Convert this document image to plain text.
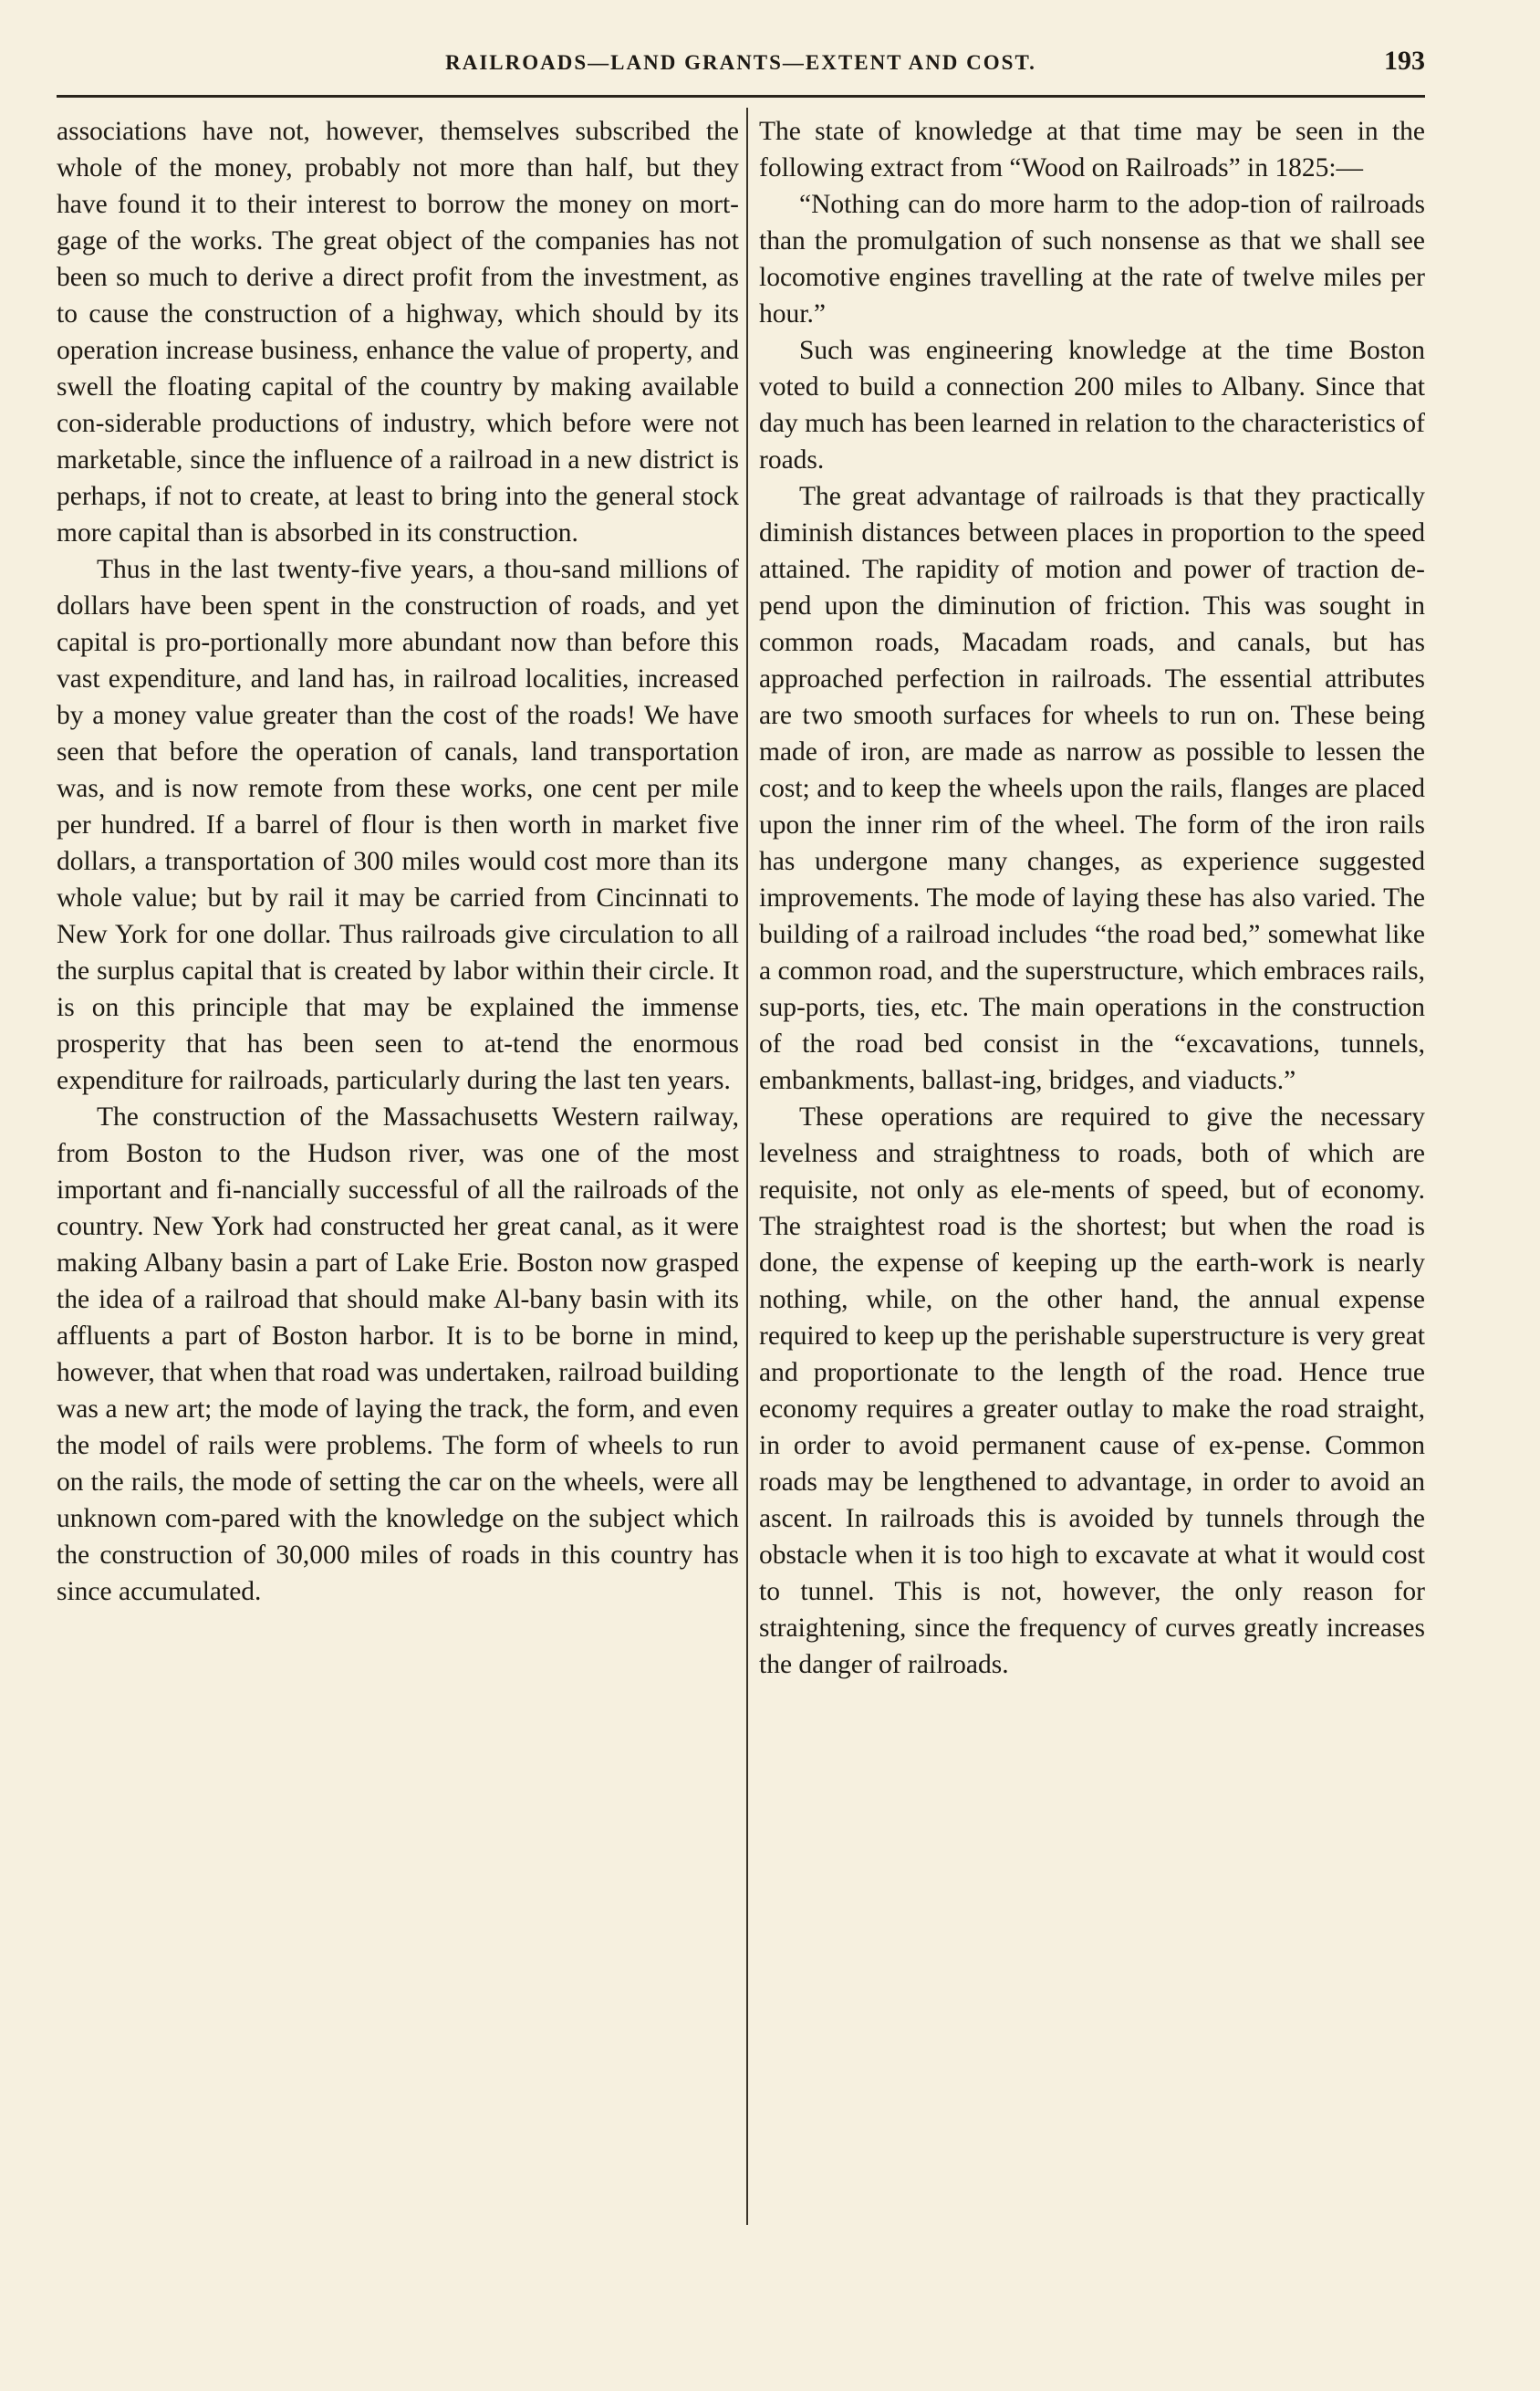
RAILROADS—LAND GRANTS—EXTENT AND COST.	193

associations have not, however, themselves subscribed the whole of the money, probably not more than half, but they have found it to their interest to borrow the money on mort-gage of the works. The great object of the companies has not been so much to derive a direct profit from the investment, as to cause the construction of a highway, which should by its operation increase business, enhance the value of property, and swell the floating capital of the country by making available con-siderable productions of industry, which before were not marketable, since the influence of a railroad in a new district is perhaps, if not to create, at least to bring into the general stock more capital than is absorbed in its construction.

Thus in the last twenty-five years, a thou-sand millions of dollars have been spent in the construction of roads, and yet capital is pro-portionally more abundant now than before this vast expenditure, and land has, in railroad localities, increased by a money value greater than the cost of the roads! We have seen that before the operation of canals, land transportation was, and is now remote from these works, one cent per mile per hundred. If a barrel of flour is then worth in market five dollars, a transportation of 300 miles would cost more than its whole value; but by rail it may be carried from Cincinnati to New York for one dollar. Thus railroads give circulation to all the surplus capital that is created by labor within their circle. It is on this principle that may be explained the immense prosperity that has been seen to at-tend the enormous expenditure for railroads, particularly during the last ten years.

The construction of the Massachusetts Western railway, from Boston to the Hudson river, was one of the most important and fi-nancially successful of all the railroads of the country. New York had constructed her great canal, as it were making Albany basin a part of Lake Erie. Boston now grasped the idea of a railroad that should make Al-bany basin with its affluents a part of Boston harbor. It is to be borne in mind, however, that when that road was undertaken, railroad building was a new art; the mode of laying the track, the form, and even the model of rails were problems. The form of wheels to run on the rails, the mode of setting the car on the wheels, were all unknown com-pared with the knowledge on the subject which the construction of 30,000 miles of roads in this country has since accumulated.

The state of knowledge at that time may be seen in the following extract from “Wood on Railroads” in 1825:—

“Nothing can do more harm to the adop-tion of railroads than the promulgation of such nonsense as that we shall see locomotive engines travelling at the rate of twelve miles per hour.”

Such was engineering knowledge at the time Boston voted to build a connection 200 miles to Albany. Since that day much has been learned in relation to the characteristics of roads.

The great advantage of railroads is that they practically diminish distances between places in proportion to the speed attained. The rapidity of motion and power of traction de-pend upon the diminution of friction. This was sought in common roads, Macadam roads, and canals, but has approached perfection in railroads. The essential attributes are two smooth surfaces for wheels to run on. These being made of iron, are made as narrow as possible to lessen the cost; and to keep the wheels upon the rails, flanges are placed upon the inner rim of the wheel. The form of the iron rails has undergone many changes, as experience suggested improvements. The mode of laying these has also varied. The building of a railroad includes “the road bed,” somewhat like a common road, and the superstructure, which embraces rails, sup-ports, ties, etc. The main operations in the construction of the road bed consist in the “excavations, tunnels, embankments, ballast-ing, bridges, and viaducts.”

These operations are required to give the necessary levelness and straightness to roads, both of which are requisite, not only as ele-ments of speed, but of economy. The straightest road is the shortest; but when the road is done, the expense of keeping up the earth-work is nearly nothing, while, on the other hand, the annual expense required to keep up the perishable superstructure is very great and proportionate to the length of the road. Hence true economy requires a greater outlay to make the road straight, in order to avoid permanent cause of ex-pense. Common roads may be lengthened to advantage, in order to avoid an ascent. In railroads this is avoided by tunnels through the obstacle when it is too high to excavate at what it would cost to tunnel. This is not, however, the only reason for straightening, since the frequency of curves greatly increases the danger of railroads.
